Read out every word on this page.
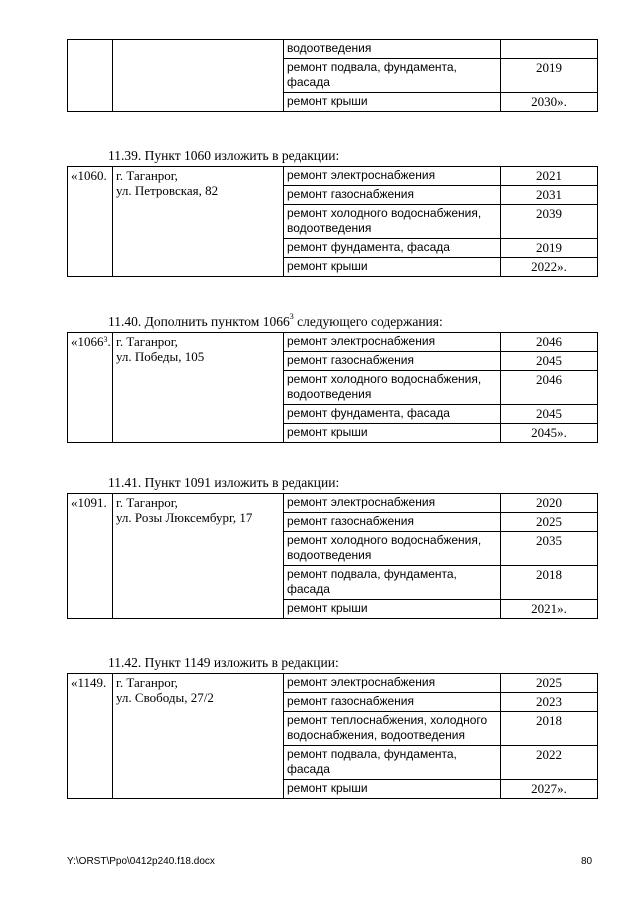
		водоотведения	
		ремонт подвала, фундамента, фасада	2019
		ремонт крыши	2030».
11.39. Пункт 1060 изложить в редакции:
«1060.	г. Таганрог,
ул. Петровская, 82	ремонт электроснабжения	2021
		ремонт газоснабжения	2031
		ремонт холодного водоснабжения, водоотведения	2039
		ремонт фундамента, фасада	2019
		ремонт крыши	2022».
11.40. Дополнить пунктом 1066$^3$ следующего содержания:
«1066$^3$.	г. Таганрог,
ул. Победы, 105	ремонт электроснабжения	2046
		ремонт газоснабжения	2045
		ремонт холодного водоснабжения, водоотведения	2046
		ремонт фундамента, фасада	2045
		ремонт крыши	2045».
11.41. Пункт 1091 изложить в редакции:
«1091.	г. Таганрог,
ул. Розы Люксембург, 17	ремонт электроснабжения	2020
		ремонт газоснабжения	2025
		ремонт холодного водоснабжения, водоотведения	2035
		ремонт подвала, фундамента, фасада	2018
		ремонт крыши	2021».
11.42. Пункт 1149 изложить в редакции:
«1149.	г. Таганрог,
ул. Свободы, 27/2	ремонт электроснабжения	2025
		ремонт газоснабжения	2023
		ремонт теплоснабжения, холодного водоснабжения, водоотведения	2018
		ремонт подвала, фундамента, фасада	2022
		ремонт крыши	2027».
Y:\ORST\Ppo\0412p240.f18.docx	80
